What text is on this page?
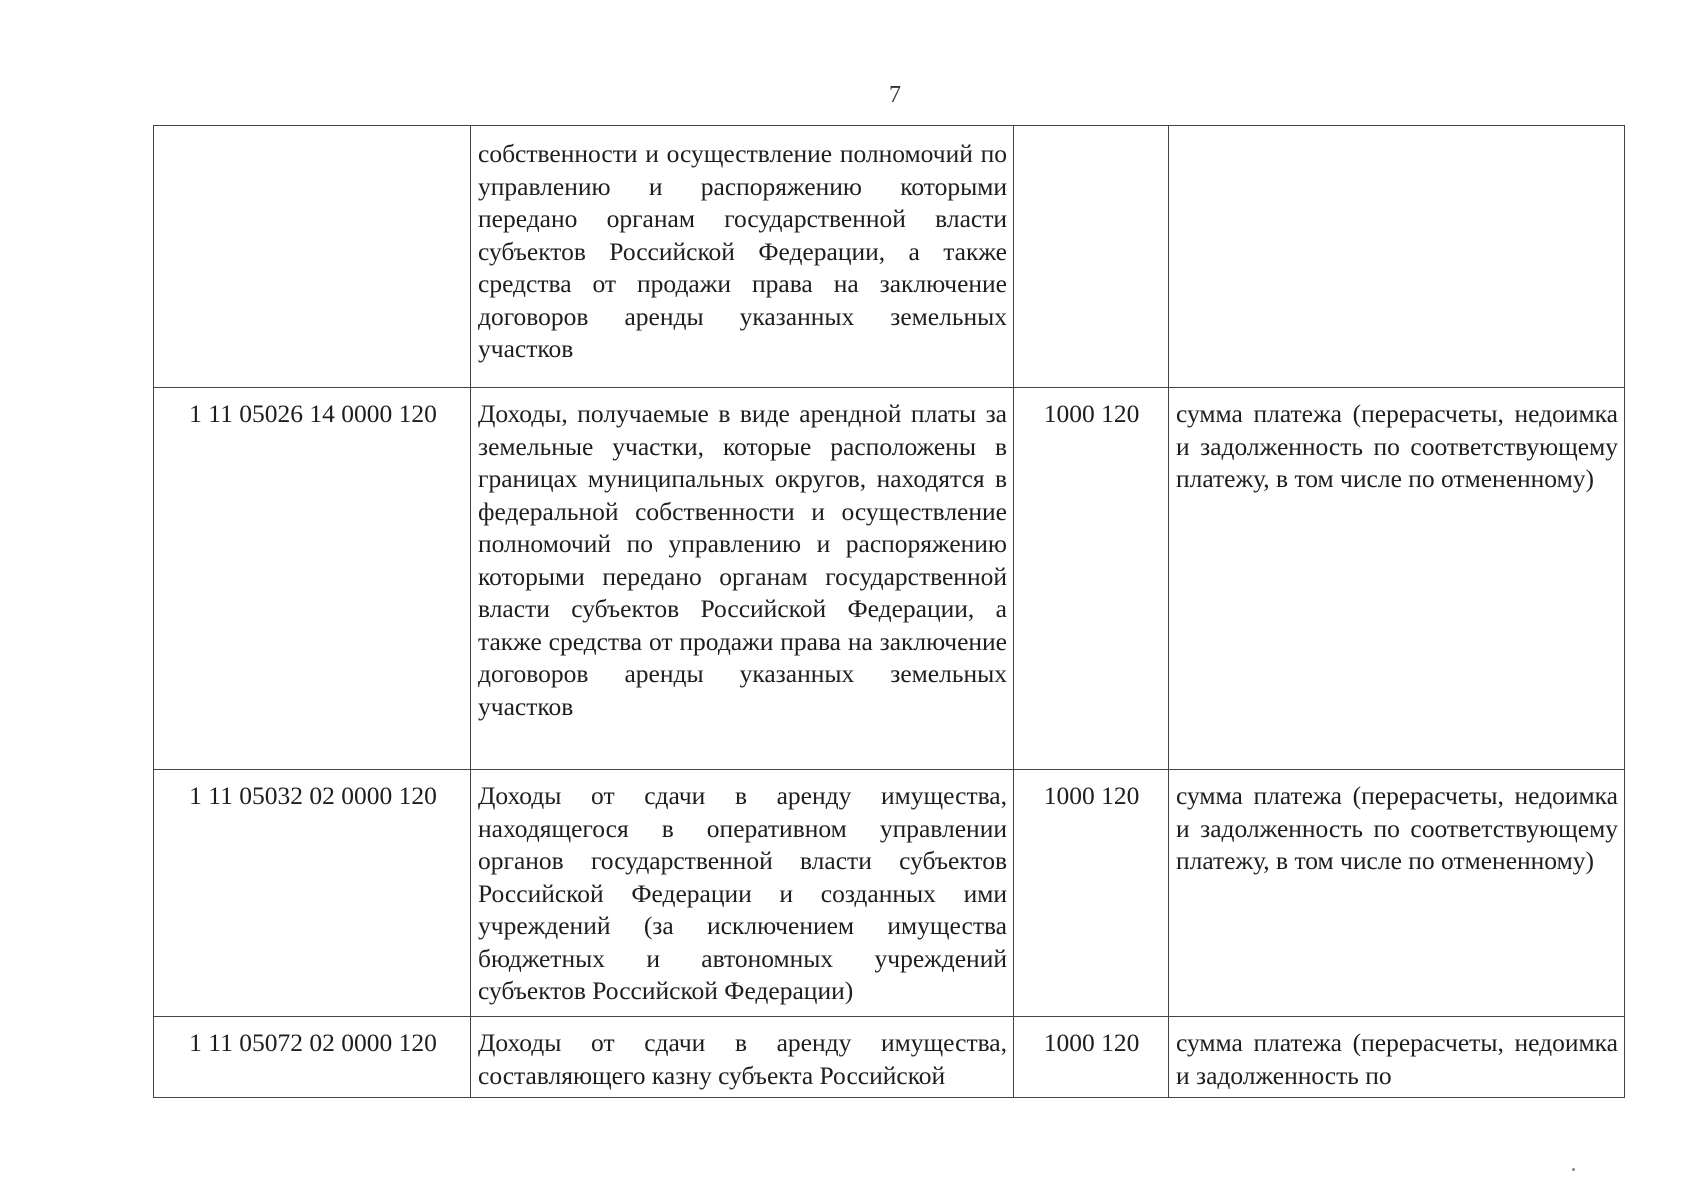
7
	собственности и осуществление полномочий по управлению и распоряжению которыми передано органам государственной власти субъектов Российской Федерации, а также средства от продажи права на заключение договоров аренды указанных земельных участков		
1 11 05026 14 0000 120	Доходы, получаемые в виде арендной платы за земельные участки, которые расположены в границах муниципальных округов, находятся в федеральной собственности и осуществление полномочий по управлению и распоряжению которыми передано органам государственной власти субъектов Российской Федерации, а также средства от продажи права на заключение договоров аренды указанных земельных участков	1000 120	сумма платежа (перерасчеты, недоимка и задолженность по соответствующему платежу, в том числе по отмененному)
1 11 05032 02 0000 120	Доходы от сдачи в аренду имущества, находящегося в оперативном управлении органов государственной власти субъектов Российской Федерации и созданных ими учреждений (за исключением имущества бюджетных и автономных учреждений субъектов Российской Федерации)	1000 120	сумма платежа (перерасчеты, недоимка и задолженность по соответствующему платежу, в том числе по отмененному)
1 11 05072 02 0000 120	Доходы от сдачи в аренду имущества, составляющего казну субъекта Российской	1000 120	сумма платежа (перерасчеты, недоимка и задолженность по
